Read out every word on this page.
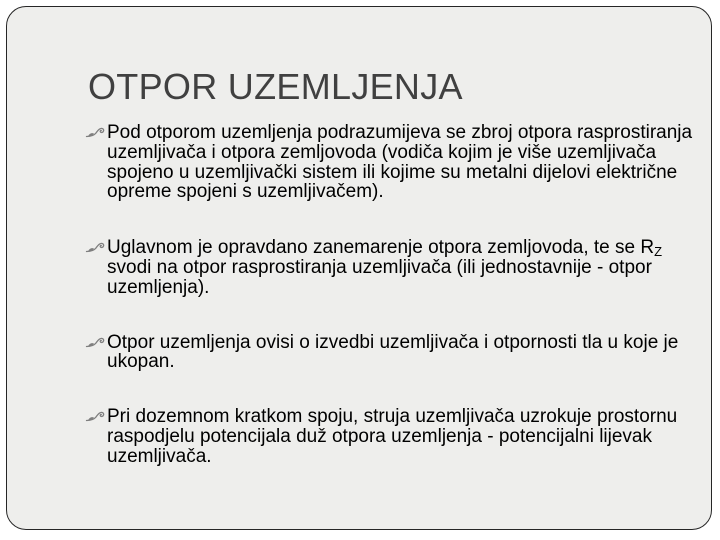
OTPOR UZEMLJENJA
Pod otporom uzemljenja podrazumijeva se zbroj otpora rasprostiranja uzemljivača i otpora zemljovoda (vodiča kojim je više uzemljivača spojeno u uzemljivački sistem ili kojime su metalni dijelovi električne opreme spojeni s uzemljivačem).
Uglavnom je opravdano zanemarenje otpora zemljovoda, te se $R_Z$ svodi na otpor rasprostiranja uzemljivača (ili jednostavnije - otpor uzemljenja).
Otpor uzemljenja ovisi o izvedbi uzemljivača i otpornosti tla u koje je ukopan.
Pri dozemnom kratkom spoju, struja uzemljivača uzrokuje prostornu raspodjelu potencijala duž otpora uzemljenja - potencijalni lijevak uzemljivača.
